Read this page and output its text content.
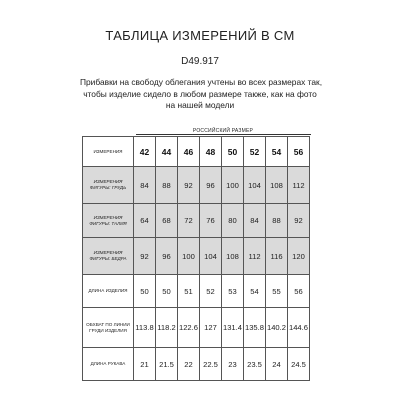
ТАБЛИЦА ИЗМЕРЕНИЙ В СМ
D49.917
Прибавки на свободу облегания учтены во всех размерах так,
чтобы изделие сидело в любом размере также, как на фото
на нашей модели
РОССИЙСКИЙ РАЗМЕР
ИЗМЕРЕНИЯ	42	44	46	48	50	52	54	56
ИЗМЕРЕНИЯ ФИГУРЫ: ГРУДЬ	84	88	92	96	100	104	108	112
ИЗМЕРЕНИЯ ФИГУРЫ: ТАЛИЯ	64	68	72	76	80	84	88	92
ИЗМЕРЕНИЯ ФИГУРЫ: БЕДРА	92	96	100	104	108	112	116	120
ДЛИНА ИЗДЕЛИЯ	50	50	51	52	53	54	55	56
ОБХВАТ ПО ЛИНИИ ГРУДИ ИЗДЕЛИЯ	113.8	118.2	122.6	127	131.4	135.8	140.2	144.6
ДЛИНА РУКАВА	21	21.5	22	22.5	23	23.5	24	24.5
